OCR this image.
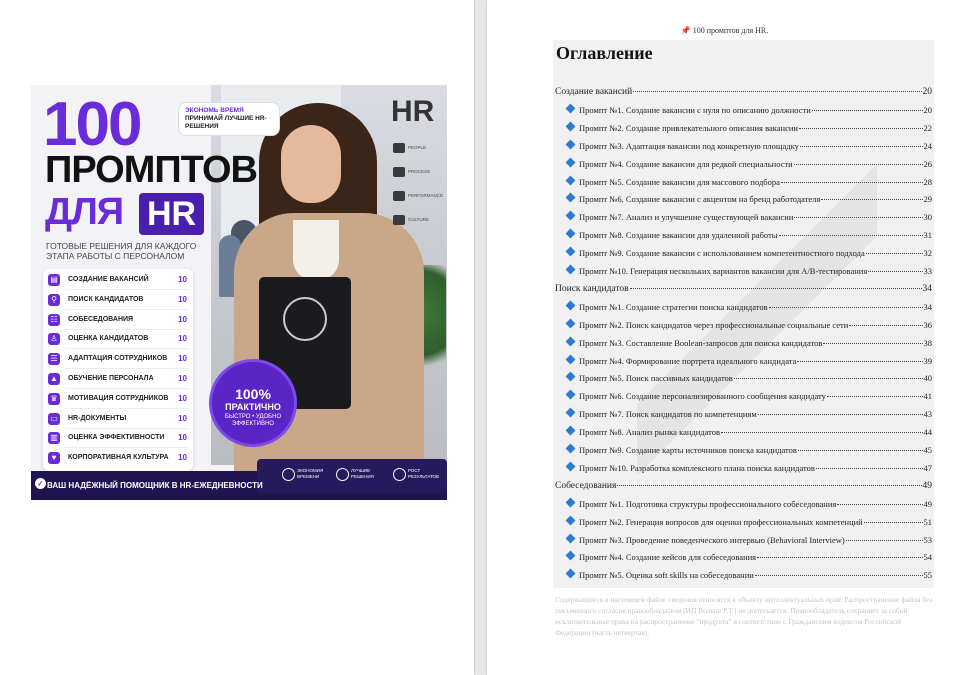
100
ПРОМПТОВ
ДЛЯ HR
ГОТОВЫЕ РЕШЕНИЯ ДЛЯ КАЖДОГО ЭТАПА РАБОТЫ С ПЕРСОНАЛОМ
ЭКОНОМЬ ВРЕМЯ
ПРИНИМАЙ ЛУЧШИЕ HR-РЕШЕНИЯ
▤	СОЗДАНИЕ ВАКАНСИЙ	10
⚲	ПОИСК КАНДИДАТОВ	10
☷	СОБЕСЕДОВАНИЯ	10
♙	ОЦЕНКА КАНДИДАТОВ	10
☰	АДАПТАЦИЯ СОТРУДНИКОВ 10
▲ ОБУЧЕНИЕ ПЕРСОНАЛА	10
♛	МОТИВАЦИЯ СОТРУДНИКОВ 10
▭	HR-ДОКУМЕНТЫ	10
▥	ОЦЕНКА ЭФФЕКТИВНОСТИ 10
♥	КОРПОРАТИВНАЯ КУЛЬТУРА 10
HR
PEOPLE
PROCESS
PERFORMANCE
CULTURE
100%
ПРАКТИЧНО
БЫСТРО • УДОБНО ЭФФЕКТИВНО
ЭКОНОМИЯ ВРЕМЕНИ
ЛУЧШИЕ РЕШЕНИЯ
РОСТ РЕЗУЛЬТАТОВ
✓ ВАШ НАДЁЖНЫЙ ПОМОЩНИК В HR-ЕЖЕДНЕВНОСТИ
📌 100 промптов для HR.
Оглавление
Создание вакансий	20
Промпт №1. Создание вакансии с нуля по описанию должности	20
Промпт №2. Создание привлекательного описания вакансии	22
Промпт №3. Адаптация вакансии под конкретную площадку	24
Промпт №4. Создание вакансии для редкой специальности	26
Промпт №5. Создание вакансии для массового подбора	28
Промпт №6. Создание вакансии с акцентом на бренд работодателя	29
Промпт №7. Анализ и улучшение существующей вакансии	30
Промпт №8. Создание вакансии для удаленной работы	31
Промпт №9. Создание вакансии с использованием компетентностного подхода	32
Промпт №10. Генерация нескольких вариантов вакансии для A/B-тестирования	33
Поиск кандидатов	34
Промпт №1. Создание стратегии поиска кандидатов	34
Промпт №2. Поиск кандидатов через профессиональные социальные сети	36
Промпт №3. Составление Boolean-запросов для поиска кандидатов	38
Промпт №4. Формирование портрета идеального кандидата	39
Промпт №5. Поиск пассивных кандидатов	40
Промпт №6. Создание персонализированного сообщения кандидату	41
Промпт №7. Поиск кандидатов по компетенциям	43
Промпт №8. Анализ рынка кандидатов	44
Промпт №9. Создание карты источников поиска кандидатов	45
Промпт №10. Разработка комплексного плана поиска кандидатов	47
Собеседования	49
Промпт №1. Подготовка структуры профессионального собеседования	49
Промпт №2. Генерация вопросов для оценки профессиональных компетенций	51
Промпт №3. Проведение поведенческого интервью (Behavioral Interview)	53
Промпт №4. Создание кейсов для собеседования	54
Промпт №5. Оценка soft skills на собеседовании	55
Содержащиеся в настоящем файле сведения относятся к объекту интеллектуальных прав. Распространение файла без письменного согласия правообладателя [ИП Волков Р.Т.] не допускается. Правообладатель сохраняет за собой исключительные права на распространение "продукта" в соответствии с Гражданским кодексом Российской Федерации (часть четвертая).
